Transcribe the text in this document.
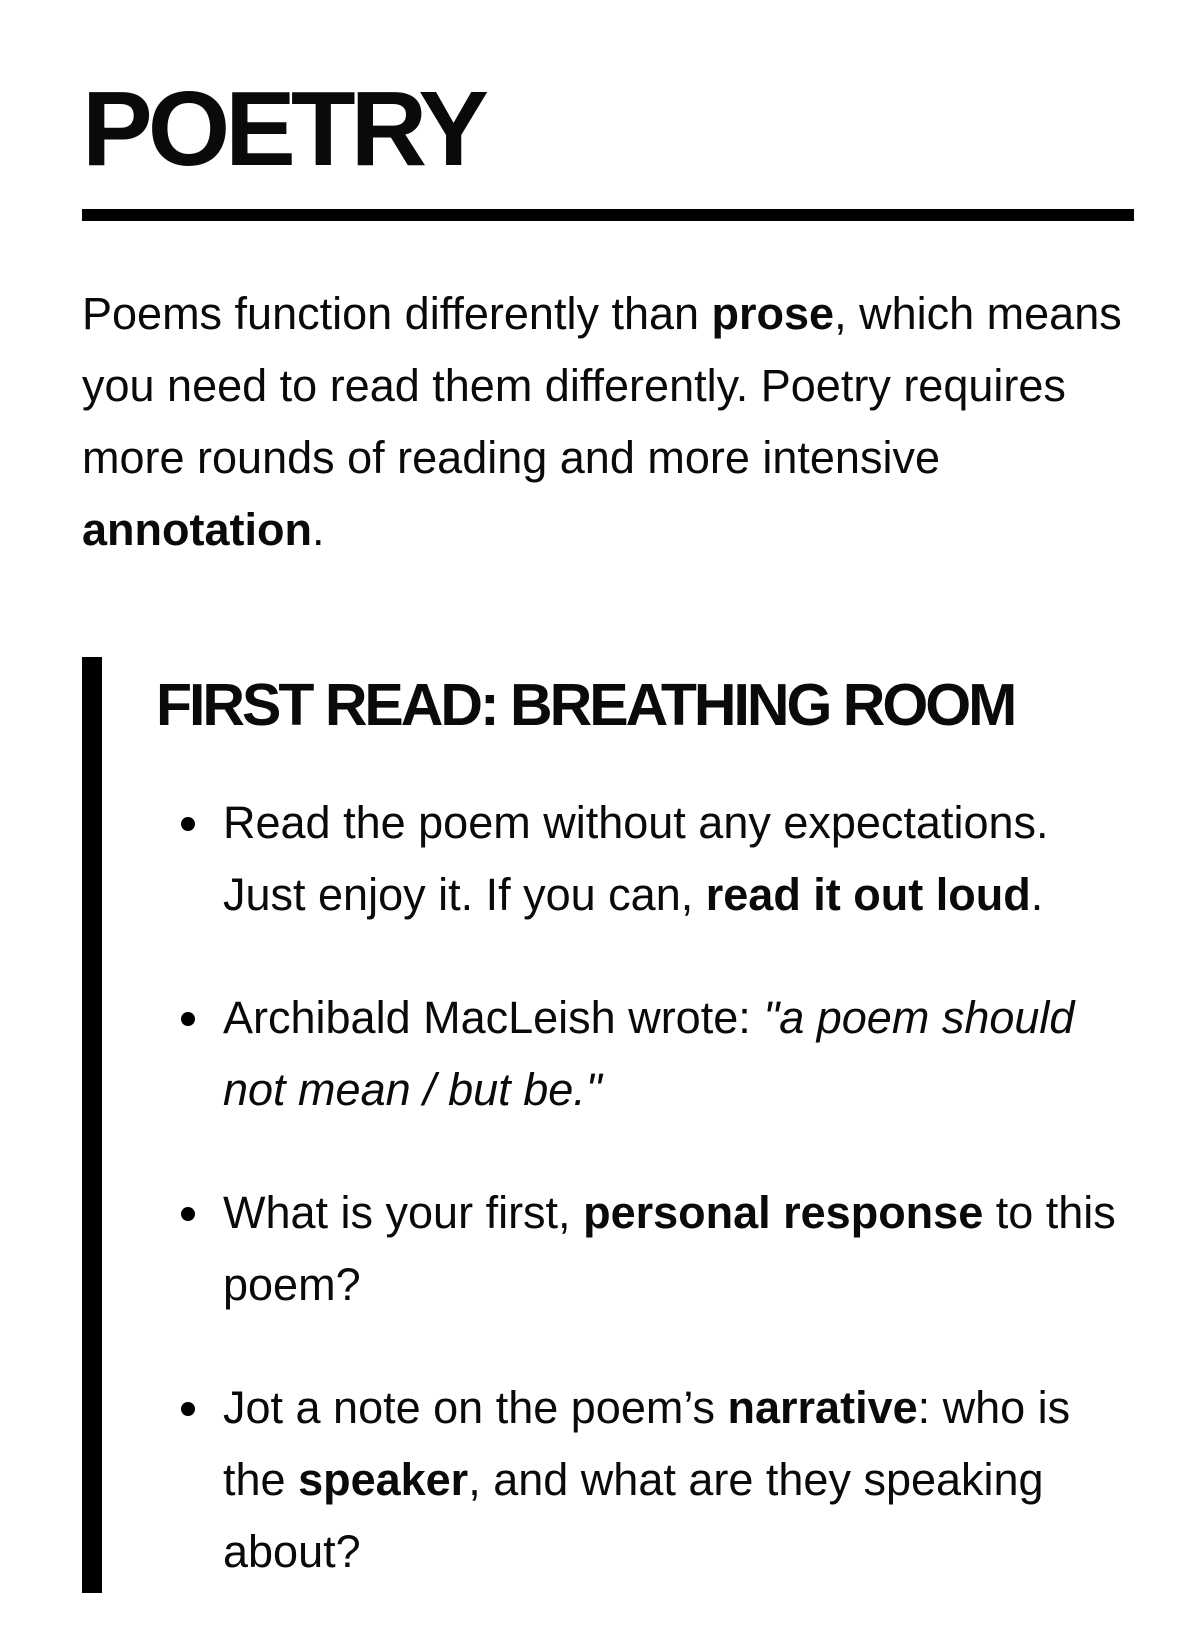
POETRY

Poems function differently than prose, which means you need to read them differently. Poetry requires more rounds of reading and more intensive annotation.

FIRST READ: BREATHING ROOM
Read the poem without any expectations. Just enjoy it. If you can, read it out loud.
Archibald MacLeish wrote: "a poem should not mean / but be."
What is your first, personal response to this poem?
Jot a note on the poem’s narrative: who is the speaker, and what are they speaking about?
